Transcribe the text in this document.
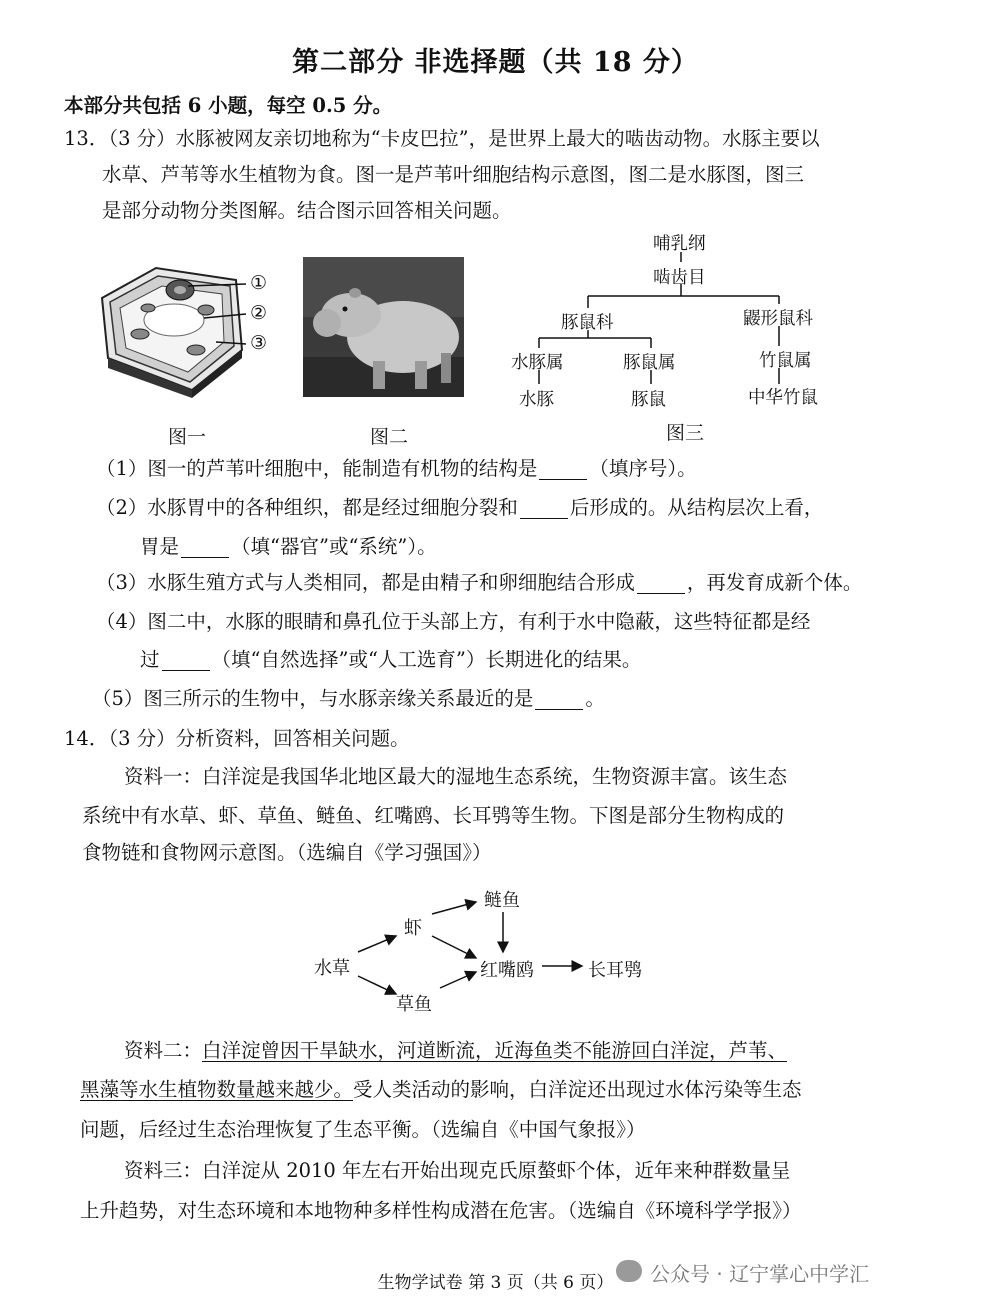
第二部分 非选择题（共 18 分）
本部分共包括 6 小题，每空 0.5 分。
13．（3 分）水豚被网友亲切地称为“卡皮巴拉”，是世界上最大的啮齿动物。水豚主要以
水草、芦苇等水生植物为食。图一是芦苇叶细胞结构示意图，图二是水豚图，图三
是部分动物分类图解。结合图示回答相关问题。
①
②
③
图一	图二
哺乳纲
啮齿目
豚鼠科	鼹形鼠科
水豚属	豚鼠属	竹鼠属
水豚	豚鼠	中华竹鼠
图三
（1）图一的芦苇叶细胞中，能制造有机物的结构是	（填序号）。
（2）水豚胃中的各种组织，都是经过细胞分裂和	后形成的。从结构层次上看，
胃是	（填“器官”或“系统”）。
（3）水豚生殖方式与人类相同，都是由精子和卵细胞结合形成	，再发育成新个体。
（4）图二中，水豚的眼睛和鼻孔位于头部上方，有利于水中隐蔽，这些特征都是经
过	（填“自然选择”或“人工选育”）长期进化的结果。
（5）图三所示的生物中，与水豚亲缘关系最近的是	。
14．（3 分）分析资料，回答相关问题。
资料一：白洋淀是我国华北地区最大的湿地生态系统，生物资源丰富。该生态
系统中有水草、虾、草鱼、鲢鱼、红嘴鸥、长耳鸮等生物。下图是部分生物构成的
食物链和食物网示意图。（选编自《学习强国》）
水草
虾
草鱼
鲢鱼
红嘴鸥	长耳鸮
资料二：白洋淀曾因干旱缺水，河道断流，近海鱼类不能游回白洋淀，芦苇、
黑藻等水生植物数量越来越少。受人类活动的影响，白洋淀还出现过水体污染等生态
问题，后经过生态治理恢复了生态平衡。（选编自《中国气象报》）
资料三：白洋淀从 2010 年左右开始出现克氏原螯虾个体，近年来种群数量呈
上升趋势，对生态环境和本地物种多样性构成潜在危害。（选编自《环境科学学报》）
生物学试卷 第 3 页（共 6 页）	公众号 · 辽宁掌心中学汇
